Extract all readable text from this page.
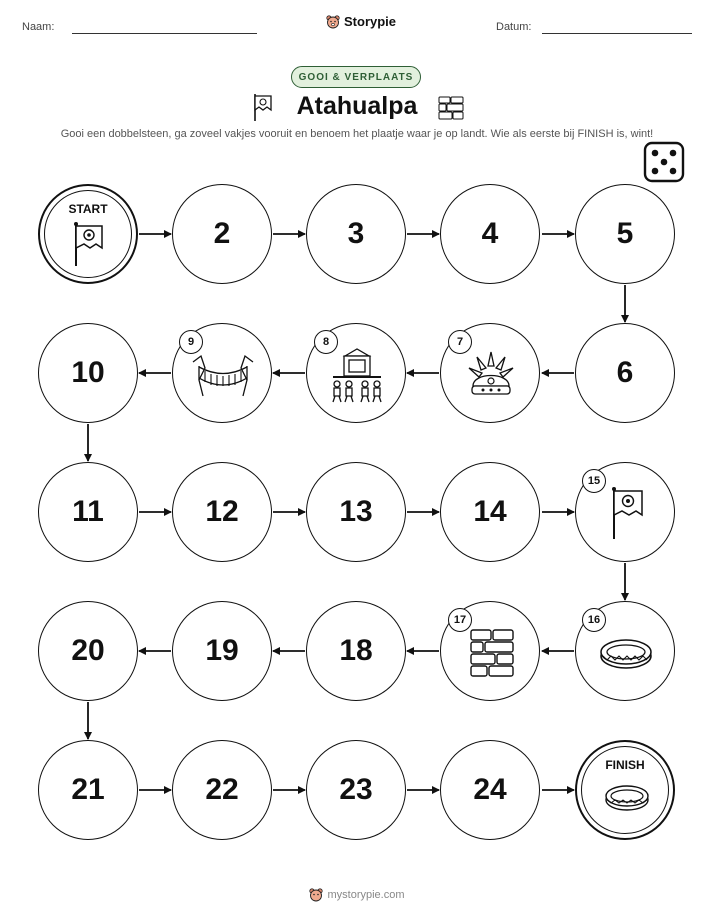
Naam:	Storypie	Datum:
GOOI & VERPLAATS
Atahualpa
Gooi een dobbelsteen, ga zoveel vakjes vooruit en benoem het plaatje waar je op landt. Wie als eerste bij FINISH is, wint!
START
2	3	4	5
6
7
8
9
10
11	12	13	14
15
16
17
18
19
20
21	22	23	24
FINISH
mystorypie.com
